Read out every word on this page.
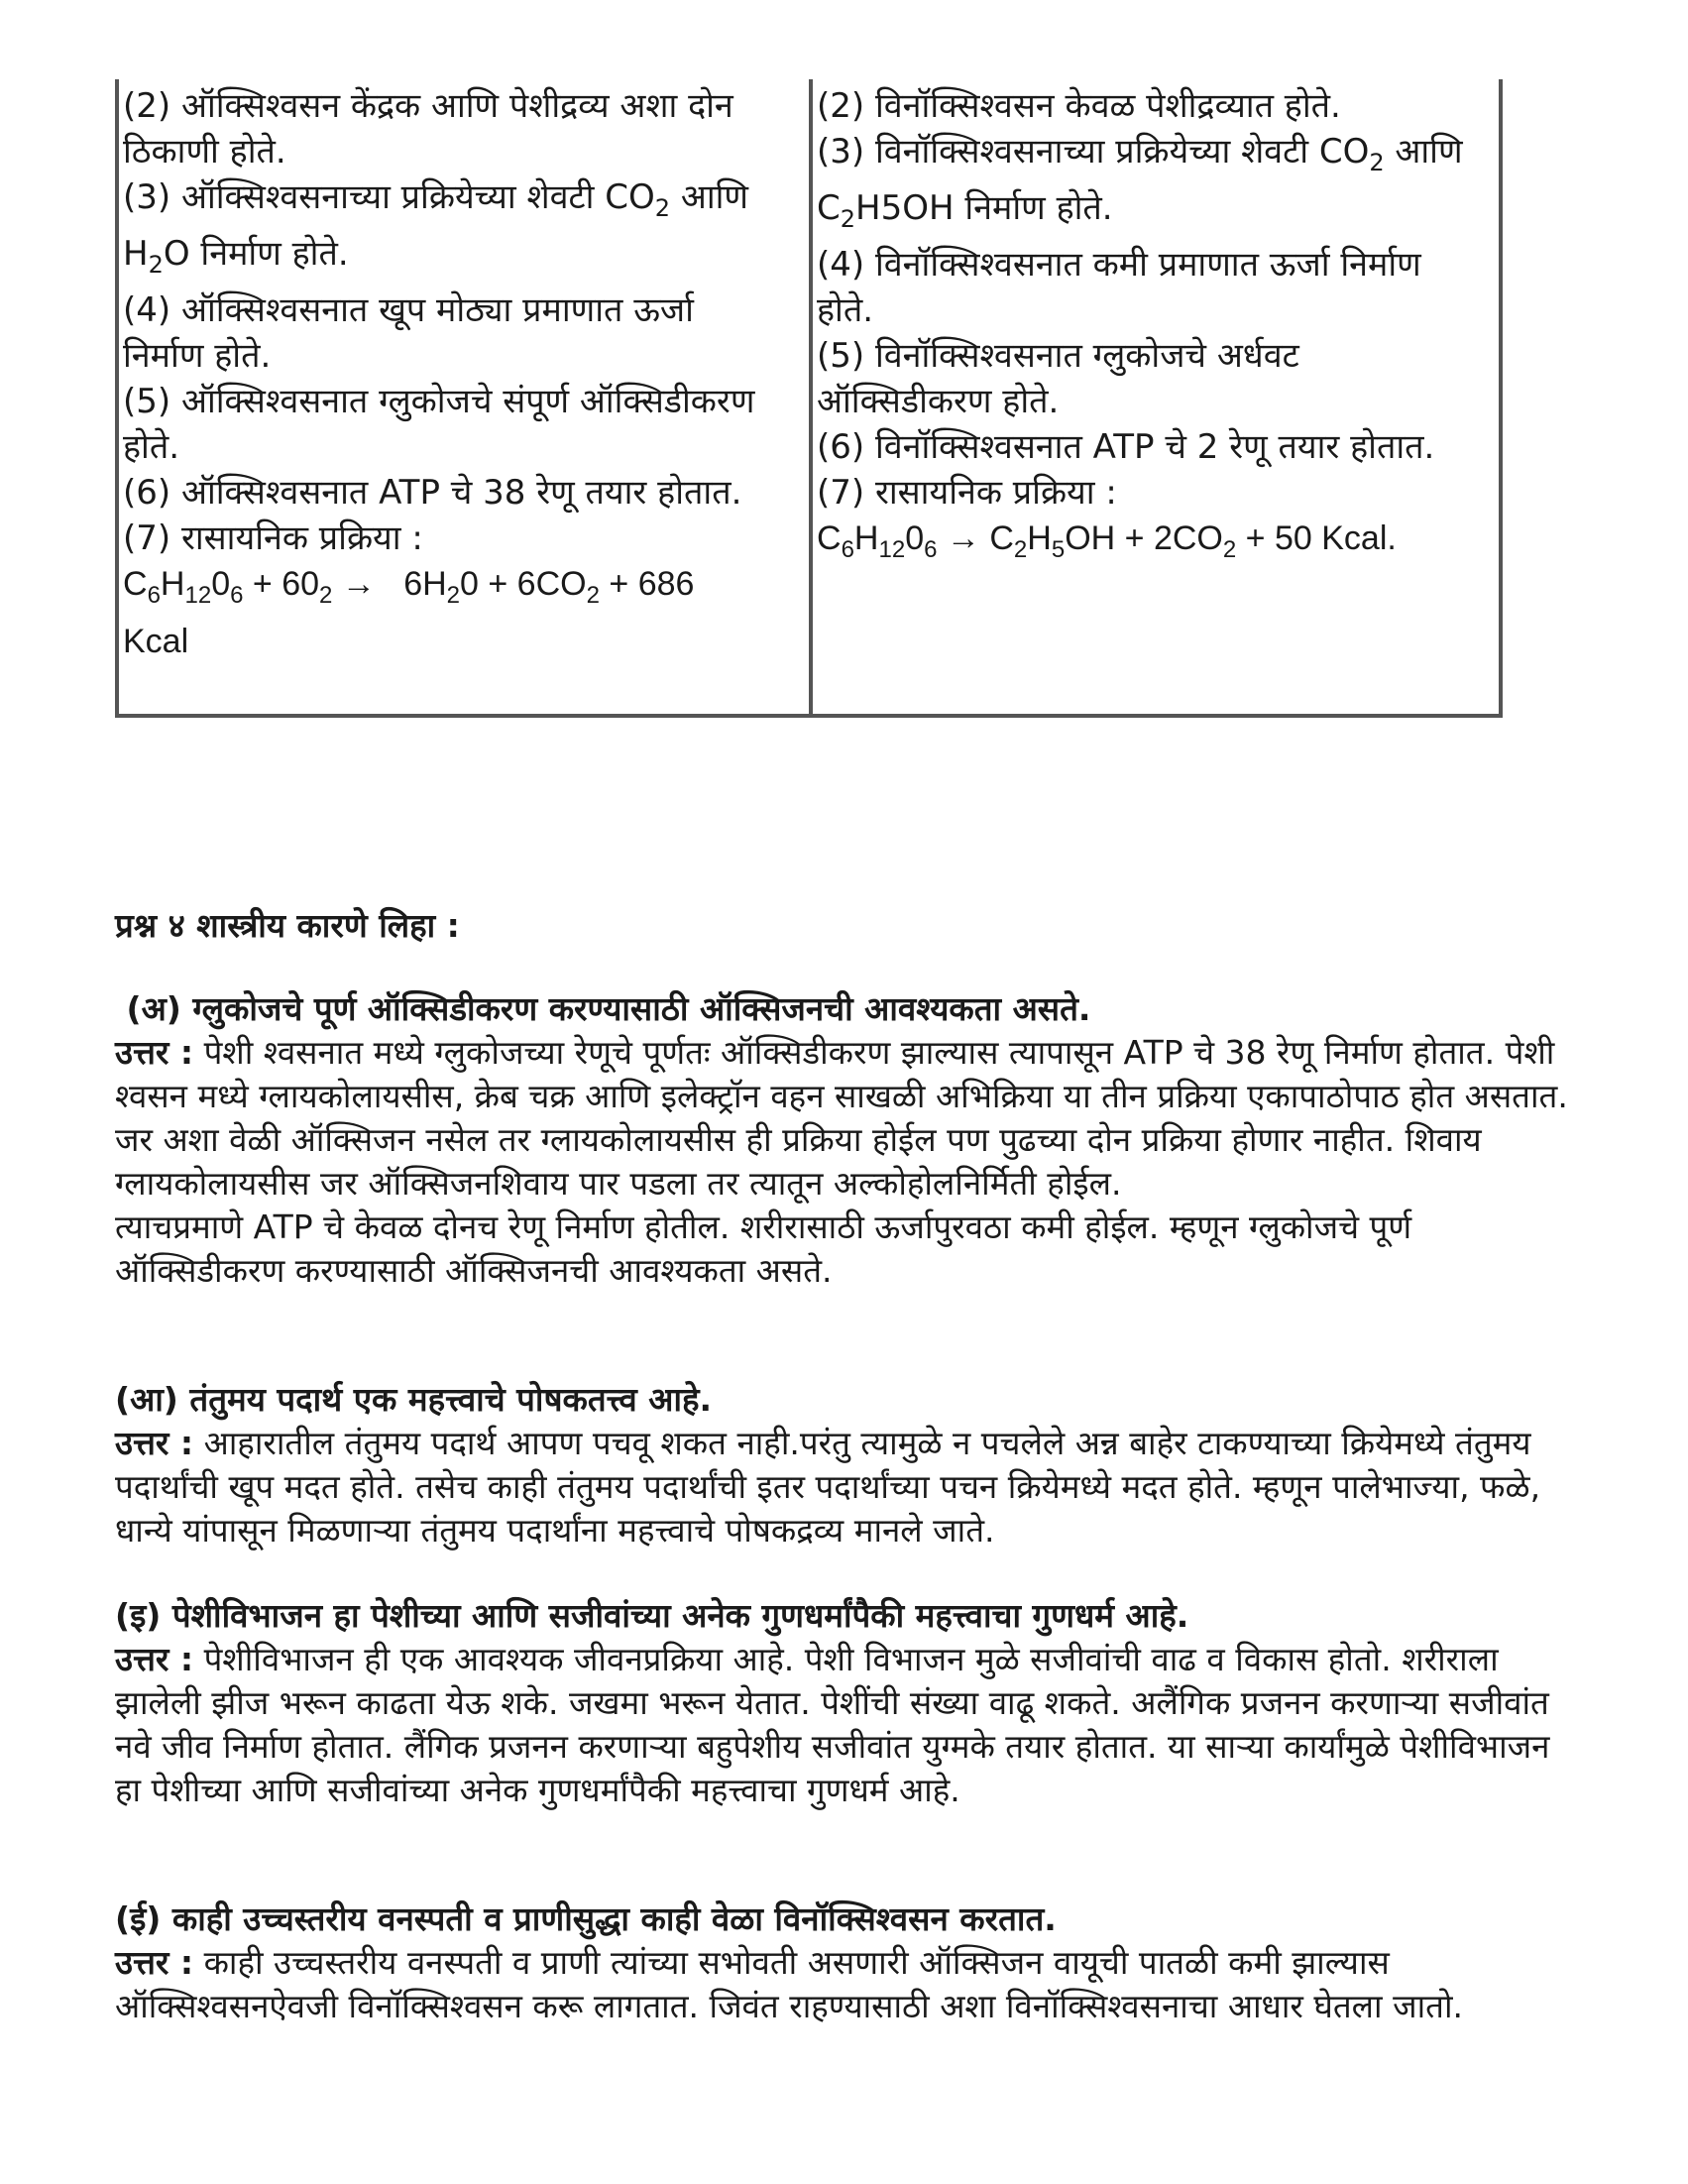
(2) ऑक्सिश्वसन केंद्रक आणि पेशीद्रव्य अशा दोन
ठिकाणी होते.
(3) ऑक्सिश्वसनाच्या प्रक्रियेच्या शेवटी $CO_2$ आणि
$H_2O$ निर्माण होते.
(4) ऑक्सिश्वसनात खूप मोठ्या प्रमाणात ऊर्जा
निर्माण होते.
(5) ऑक्सिश्वसनात ग्लुकोजचे संपूर्ण ऑक्सिडीकरण
होते.
(6) ऑक्सिश्वसनात ATP चे 38 रेणू तयार होतात.
(7) रासायनिक प्रक्रिया :
$C_6H_{12}0_6 + 60_2 \to 6H_20 + 6CO_2 + 686$
Kcal
(2) विनॉक्सिश्वसन केवळ पेशीद्रव्यात होते.
(3) विनॉक्सिश्वसनाच्या प्रक्रियेच्या शेवटी $CO_2$ आणि
$C_2H5OH$ निर्माण होते.
(4) विनॉक्सिश्वसनात कमी प्रमाणात ऊर्जा निर्माण
होते.
(5) विनॉक्सिश्वसनात ग्लुकोजचे अर्धवट
ऑक्सिडीकरण होते.
(6) विनॉक्सिश्वसनात ATP चे 2 रेणू तयार होतात.
(7) रासायनिक प्रक्रिया :
$C_6H_{12}0_6 \to C_2H_5OH + 2CO_2 + 50$ Kcal.
प्रश्न ४ शास्त्रीय कारणे लिहा :
(अ) ग्लुकोजचे पूर्ण ऑक्सिडीकरण करण्यासाठी ऑक्सिजनची आवश्यकता असते.

उत्तर : पेशी श्वसनात मध्ये ग्लुकोजच्या रेणूचे पूर्णतः ऑक्सिडीकरण झाल्यास त्यापासून ATP चे 38 रेणू निर्माण होतात. पेशी श्वसन मध्ये ग्लायकोलायसीस, क्रेब चक्र आणि इलेक्ट्रॉन वहन साखळी अभिक्रिया या तीन प्रक्रिया एकापाठोपाठ होत असतात. जर अशा वेळी ऑक्सिजन नसेल तर ग्लायकोलायसीस ही प्रक्रिया होईल पण पुढच्या दोन प्रक्रिया होणार नाहीत. शिवाय ग्लायकोलायसीस जर ऑक्सिजनशिवाय पार पडला तर त्यातून अल्कोहोलनिर्मिती होईल.

त्याचप्रमाणे ATP चे केवळ दोनच रेणू निर्माण होतील. शरीरासाठी ऊर्जापुरवठा कमी होईल. म्हणून ग्लुकोजचे पूर्ण ऑक्सिडीकरण करण्यासाठी ऑक्सिजनची आवश्यकता असते.

(आ) तंतुमय पदार्थ एक महत्त्वाचे पोषकतत्त्व आहे.

उत्तर : आहारातील तंतुमय पदार्थ आपण पचवू शकत नाही.परंतु त्यामुळे न पचलेले अन्न बाहेर टाकण्याच्या क्रियेमध्ये तंतुमय पदार्थांची खूप मदत होते. तसेच काही तंतुमय पदार्थांची इतर पदार्थांच्या पचन क्रियेमध्ये मदत होते. म्हणून पालेभाज्या, फळे, धान्ये यांपासून मिळणाऱ्या तंतुमय पदार्थांना महत्त्वाचे पोषकद्रव्य मानले जाते.

(इ) पेशीविभाजन हा पेशीच्या आणि सजीवांच्या अनेक गुणधर्मांपैकी महत्त्वाचा गुणधर्म आहे.

उत्तर : पेशीविभाजन ही एक आवश्यक जीवनप्रक्रिया आहे. पेशी विभाजन मुळे सजीवांची वाढ व विकास होतो. शरीराला झालेली झीज भरून काढता येऊ शके. जखमा भरून येतात. पेशींची संख्या वाढू शकते. अलैंगिक प्रजनन करणाऱ्या सजीवांत नवे जीव निर्माण होतात. लैंगिक प्रजनन करणाऱ्या बहुपेशीय सजीवांत युग्मके तयार होतात. या साऱ्या कार्यांमुळे पेशीविभाजन हा पेशीच्या आणि सजीवांच्या अनेक गुणधर्मांपैकी महत्त्वाचा गुणधर्म आहे.

(ई) काही उच्चस्तरीय वनस्पती व प्राणीसुद्धा काही वेळा विनॉक्सिश्वसन करतात.

उत्तर : काही उच्चस्तरीय वनस्पती व प्राणी त्यांच्या सभोवती असणारी ऑक्सिजन वायूची पातळी कमी झाल्यास ऑक्सिश्वसनऐवजी विनॉक्सिश्वसन करू लागतात. जिवंत राहण्यासाठी अशा विनॉक्सिश्वसनाचा आधार घेतला जातो.
